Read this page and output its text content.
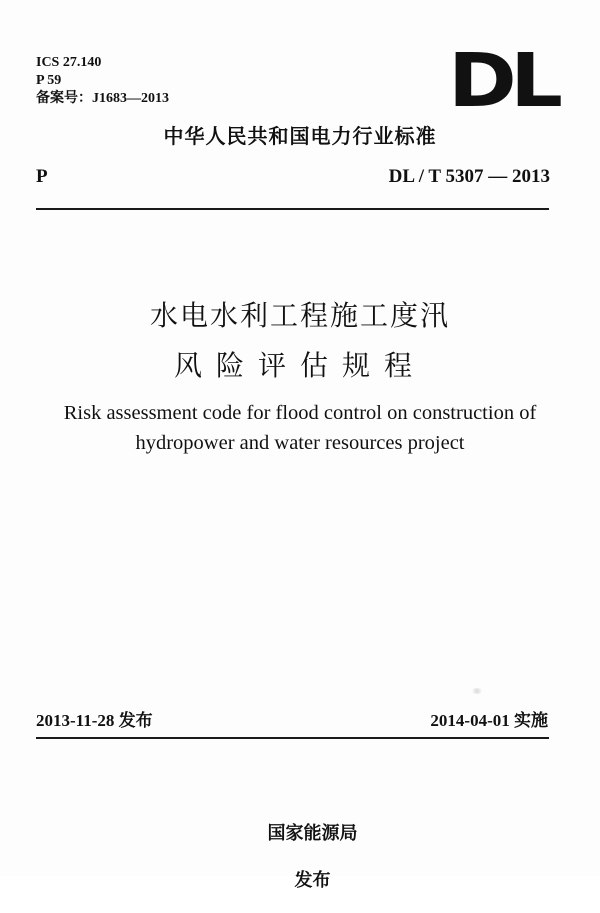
ICS 27.140
P 59
备案号：J1683—2013	DL
中华人民共和国电力行业标准
P	DL / T 5307 — 2013
水电水利工程施工度汛
风险评估规程
Risk assessment code for flood control on construction of
hydropower and water resources project
2013-11-28 发布	2014-04-01 实施

国家能源局

发布
